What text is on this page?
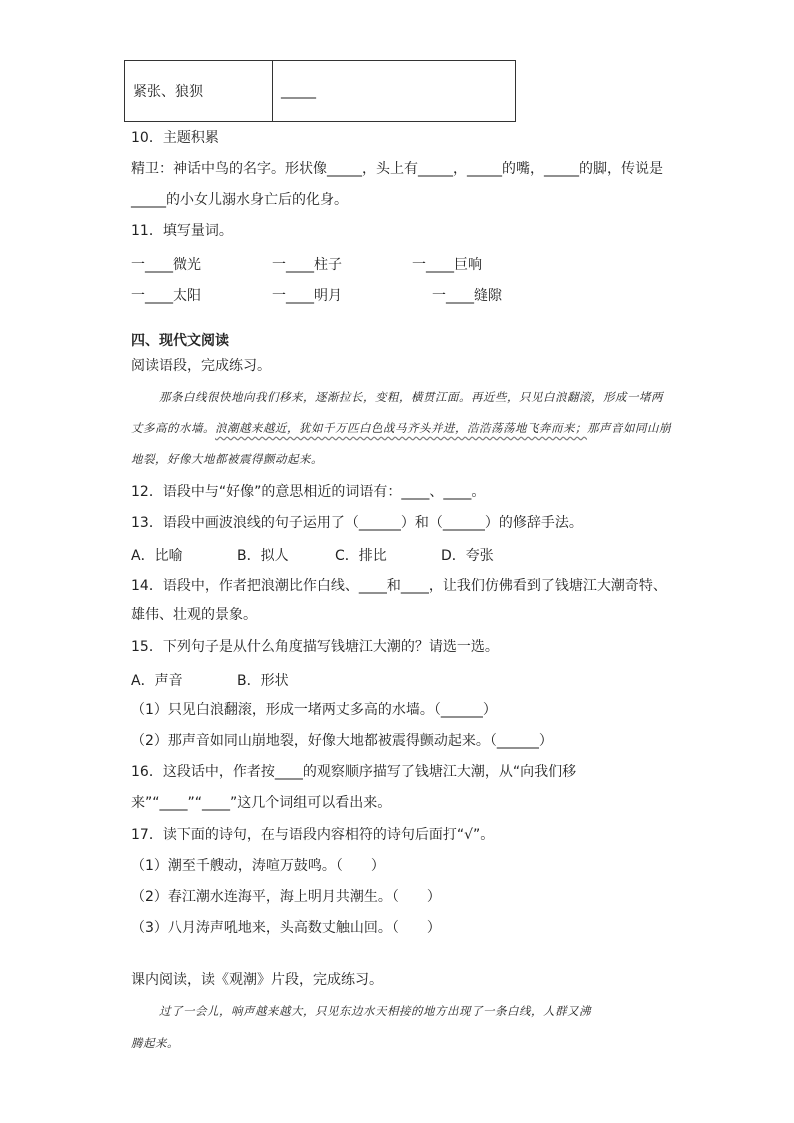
紧张、狼狈	_____
10．主题积累
精卫：神话中鸟的名字。形状像_____，头上有_____，_____的嘴，_____的脚，传说是
_____的小女儿溺水身亡后的化身。
11．填写量词。
一____微光	一____柱子	一____巨响
一____太阳	一____明月	一____缝隙
四、现代文阅读
阅读语段，完成练习。
那条白线很快地向我们移来，逐渐拉长，变粗，横贯江面。再近些，只见白浪翻滚，形成一堵两丈多高的水墙。浪潮越来越近，犹如千万匹白色战马齐头并进，浩浩荡荡地飞奔而来；那声音如同山崩地裂，好像大地都被震得颤动起来。
12．语段中与“好像”的意思相近的词语有：____、____。
13．语段中画波浪线的句子运用了（______）和（______）的修辞手法。
A．比喻	B．拟人	C．排比	D．夸张
14．语段中，作者把浪潮比作白线、____和____，让我们仿佛看到了钱塘江大潮奇特、
雄伟、壮观的景象。
15．下列句子是从什么角度描写钱塘江大潮的？请选一选。
A．声音	B．形状
（1）只见白浪翻滚，形成一堵两丈多高的水墙。（______）
（2）那声音如同山崩地裂，好像大地都被震得颤动起来。（______）
16．这段话中，作者按____的观察顺序描写了钱塘江大潮，从“向我们移
来”“____”“____”这几个词组可以看出来。
17．读下面的诗句，在与语段内容相符的诗句后面打“√”。
（1）潮至千艘动，涛喧万鼓鸣。（　　）
（2）春江潮水连海平，海上明月共潮生。（　　）
（3）八月涛声吼地来，头高数丈触山回。（　　）
课内阅读，读《观潮》片段，完成练习。
过了一会儿，响声越来越大，只见东边水天相接的地方出现了一条白线，人群又沸
腾起来。
